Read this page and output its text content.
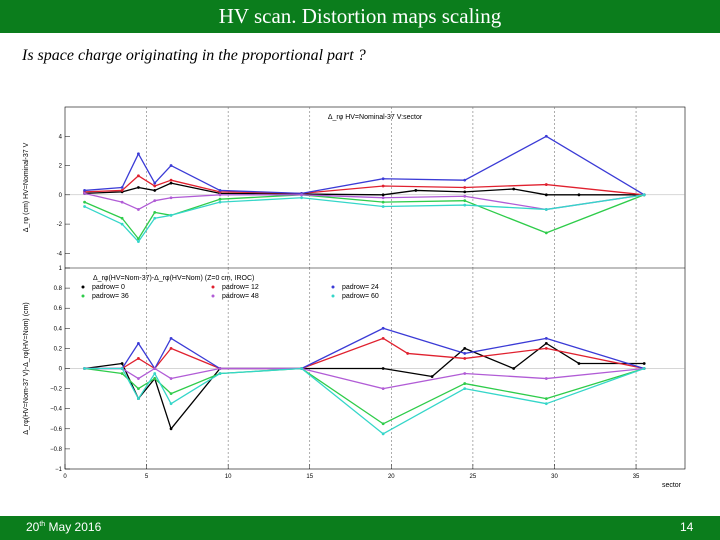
HV scan. Distortion maps scaling
Is space charge originating in the proportional part ?
-4
-2
0
2
4
Δ_rφ HV=Nominal-37 V:sector
Δ_rφ (cm) HV=Nominal-37 V
−1
−0.8
−0.6
−0.4
−0.2
0
0.2
0.4
0.6
0.8
1
Δ_rφ(HV=Nom-37)-Δ_rφ(HV=Nom) (Z=0 cm, IROC)
Δ_rφ(HV=Nom-37 V)-Δ_rφ(HV=Nom) (cm)
0	5	10	15	20	25	30	35
sector
padrow= 0	padrow= 12	padrow= 24
padrow= 36	padrow= 48	padrow= 60
20th May 2016	14
